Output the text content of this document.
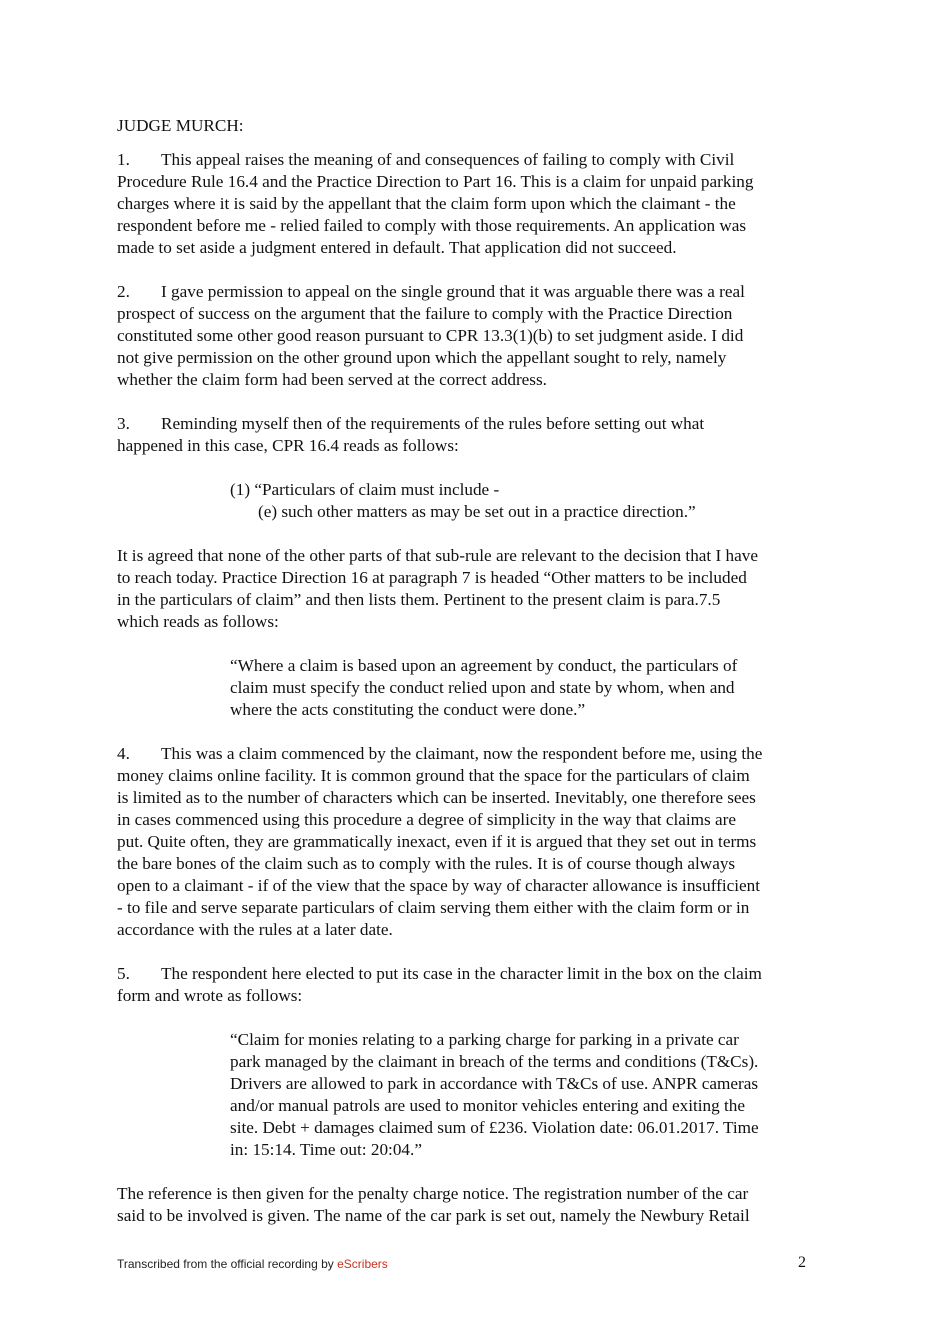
JUDGE MURCH:
1. This appeal raises the meaning of and consequences of failing to comply with Civil
Procedure Rule 16.4 and the Practice Direction to Part 16. This is a claim for unpaid parking
charges where it is said by the appellant that the claim form upon which the claimant - the
respondent before me - relied failed to comply with those requirements. An application was
made to set aside a judgment entered in default. That application did not succeed.
2. I gave permission to appeal on the single ground that it was arguable there was a real
prospect of success on the argument that the failure to comply with the Practice Direction
constituted some other good reason pursuant to CPR 13.3(1)(b) to set judgment aside. I did
not give permission on the other ground upon which the appellant sought to rely, namely
whether the claim form had been served at the correct address.
3. Reminding myself then of the requirements of the rules before setting out what
happened in this case, CPR 16.4 reads as follows:
(1) “Particulars of claim must include -
(e) such other matters as may be set out in a practice direction.”
It is agreed that none of the other parts of that sub-rule are relevant to the decision that I have
to reach today. Practice Direction 16 at paragraph 7 is headed “Other matters to be included
in the particulars of claim” and then lists them. Pertinent to the present claim is para.7.5
which reads as follows:
“Where a claim is based upon an agreement by conduct, the particulars of
claim must specify the conduct relied upon and state by whom, when and
where the acts constituting the conduct were done.”
4. This was a claim commenced by the claimant, now the respondent before me, using the
money claims online facility. It is common ground that the space for the particulars of claim
is limited as to the number of characters which can be inserted. Inevitably, one therefore sees
in cases commenced using this procedure a degree of simplicity in the way that claims are
put. Quite often, they are grammatically inexact, even if it is argued that they set out in terms
the bare bones of the claim such as to comply with the rules. It is of course though always
open to a claimant - if of the view that the space by way of character allowance is insufficient
- to file and serve separate particulars of claim serving them either with the claim form or in
accordance with the rules at a later date.
5. The respondent here elected to put its case in the character limit in the box on the claim
form and wrote as follows:
“Claim for monies relating to a parking charge for parking in a private car
park managed by the claimant in breach of the terms and conditions (T&Cs).
Drivers are allowed to park in accordance with T&Cs of use. ANPR cameras
and/or manual patrols are used to monitor vehicles entering and exiting the
site. Debt + damages claimed sum of £236. Violation date: 06.01.2017. Time
in: 15:14. Time out: 20:04.”
The reference is then given for the penalty charge notice. The registration number of the car
said to be involved is given. The name of the car park is set out, namely the Newbury Retail
Transcribed from the official recording by eScribers	2
